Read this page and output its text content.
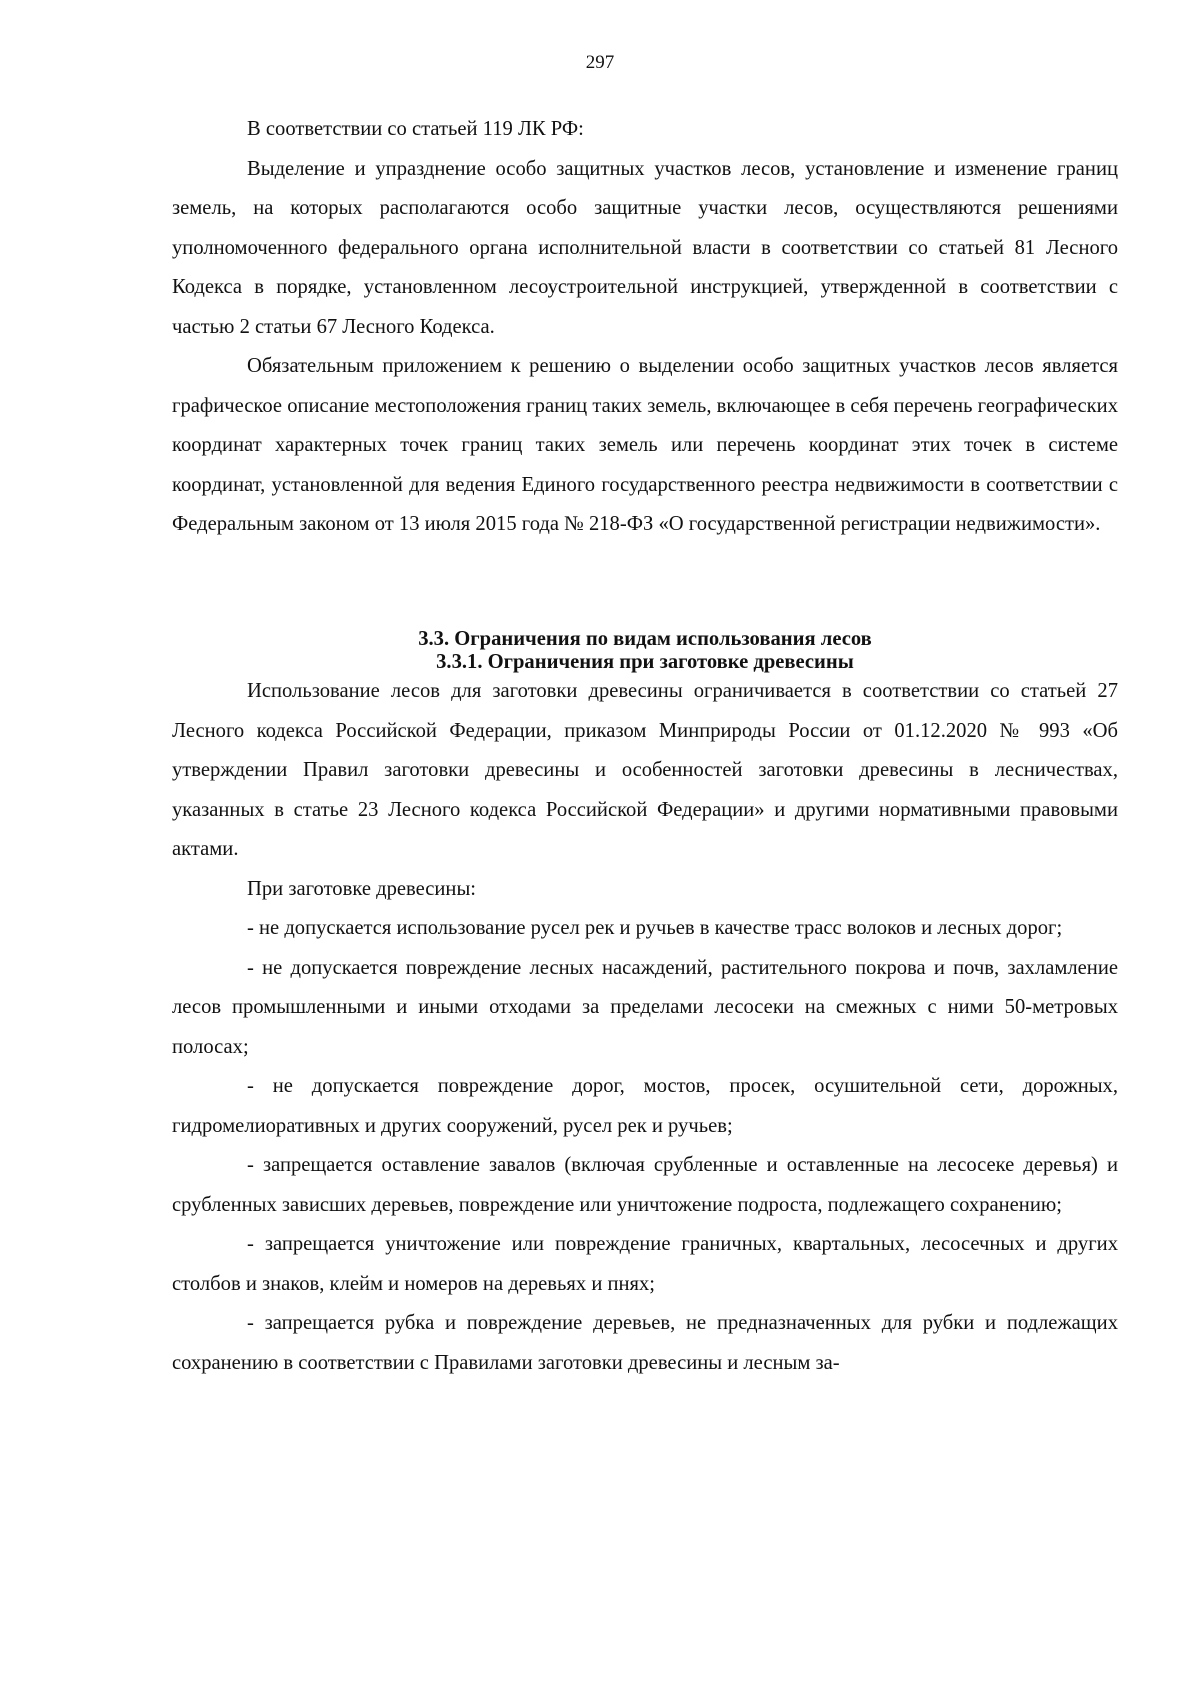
297

В соответствии со статьей 119 ЛК РФ:

Выделение и упразднение особо защитных участков лесов, установление и изменение границ земель, на которых располагаются особо защитные участки лесов, осуществляются решениями уполномоченного федерального органа исполнительной власти в соответствии со статьей 81 Лесного Кодекса в порядке, установленном лесоустроительной инструкцией, утвержденной в соответствии с частью 2 статьи 67 Лесного Кодекса.

Обязательным приложением к решению о выделении особо защитных участков лесов является графическое описание местоположения границ таких земель, включающее в себя перечень географических координат характерных точек границ таких земель или перечень координат этих точек в системе координат, установленной для ведения Единого государственного реестра недвижимости в соответствии с Федеральным законом от 13 июля 2015 года № 218-ФЗ «О государственной регистрации недвижимости».

3.3. Ограничения по видам использования лесов
3.3.1. Ограничения при заготовке древесины

Использование лесов для заготовки древесины ограничивается в соответствии со статьей 27 Лесного кодекса Российской Федерации, приказом Минприроды России от 01.12.2020 № 993 «Об утверждении Правил заготовки древесины и особенностей заготовки древесины в лесничествах, указанных в статье 23 Лесного кодекса Российской Федерации» и другими нормативными правовыми актами.

При заготовке древесины:

- не допускается использование русел рек и ручьев в качестве трасс волоков и лесных дорог;

- не допускается повреждение лесных насаждений, растительного покрова и почв, захламление лесов промышленными и иными отходами за пределами лесосеки на смежных с ними 50-метровых полосах;

- не допускается повреждение дорог, мостов, просек, осушительной сети, дорожных, гидромелиоративных и других сооружений, русел рек и ручьев;

- запрещается оставление завалов (включая срубленные и оставленные на лесосеке деревья) и срубленных зависших деревьев, повреждение или уничтожение подроста, подлежащего сохранению;

- запрещается уничтожение или повреждение граничных, квартальных, лесосечных и других столбов и знаков, клейм и номеров на деревьях и пнях;

- запрещается рубка и повреждение деревьев, не предназначенных для рубки и подлежащих сохранению в соответствии с Правилами заготовки древесины и лесным за-
